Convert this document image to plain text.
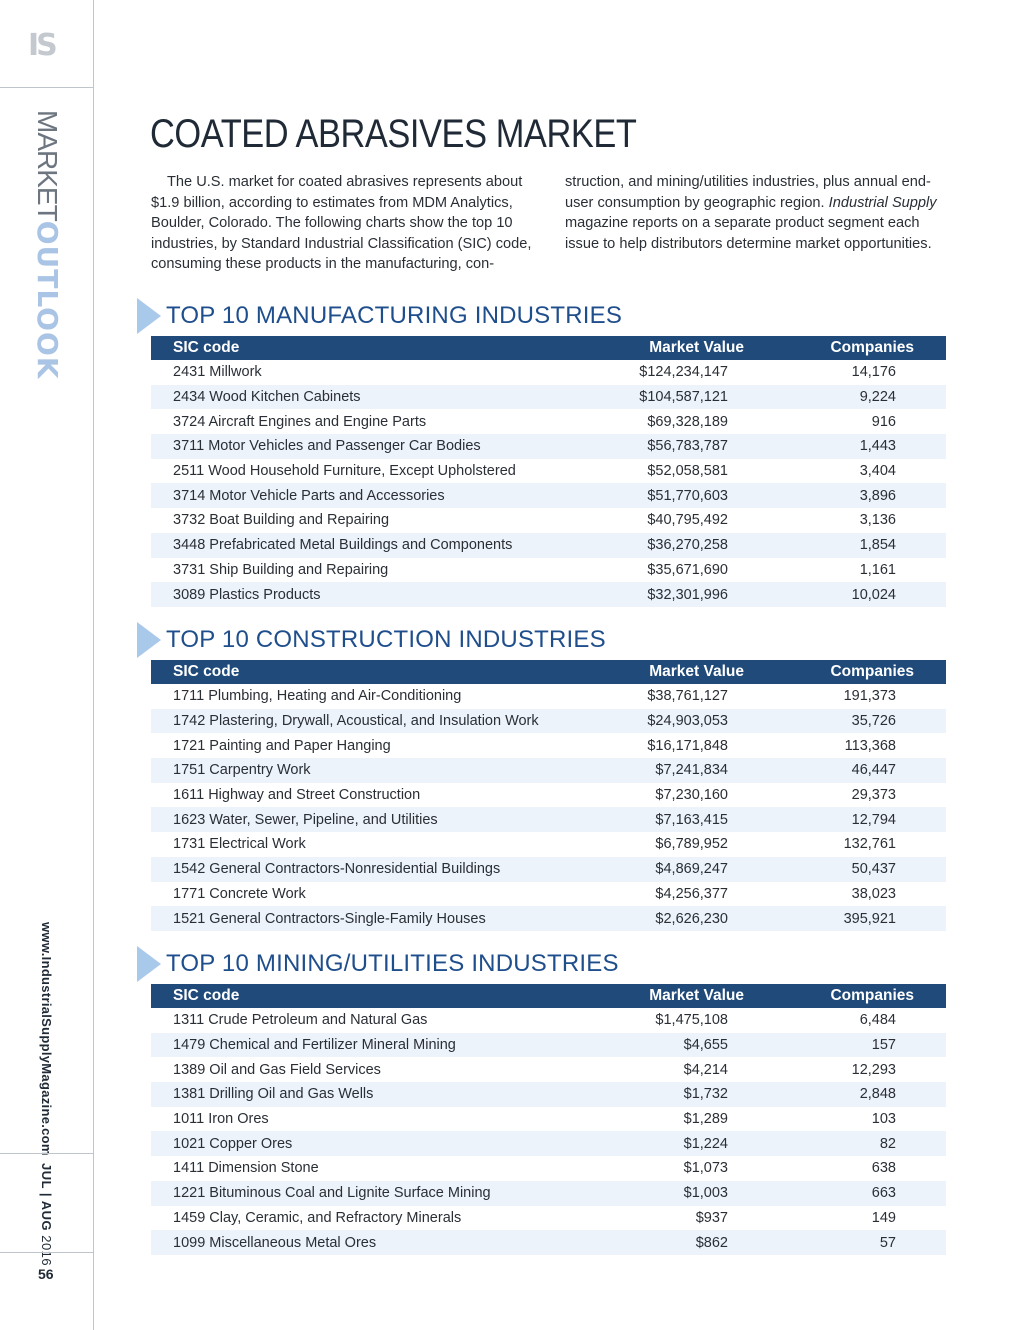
IS
MARKETOUTLOOK
www.IndustrialSupplyMagazine.com
JUL | AUG 2016
56
COATED ABRASIVES MARKET
The U.S. market for coated abrasives represents about $1.9 billion, according to estimates from MDM Analytics, Boulder, Colorado. The following charts show the top 10 industries, by Standard Industrial Classification (SIC) code, consuming these products in the manufacturing, con-
struction, and mining/utilities industries, plus annual end-user consumption by geographic region. Industrial Supply magazine reports on a separate product segment each issue to help distributors determine market opportunities.
TOP 10 MANUFACTURING INDUSTRIES
SIC code	Market Value	Companies
2431 Millwork	$124,234,147	14,176
2434 Wood Kitchen Cabinets	$104,587,121	9,224
3724 Aircraft Engines and Engine Parts	$69,328,189	916
3711 Motor Vehicles and Passenger Car Bodies	$56,783,787	1,443
2511 Wood Household Furniture, Except Upholstered	$52,058,581	3,404
3714 Motor Vehicle Parts and Accessories	$51,770,603	3,896
3732 Boat Building and Repairing	$40,795,492	3,136
3448 Prefabricated Metal Buildings and Components	$36,270,258	1,854
3731 Ship Building and Repairing	$35,671,690	1,161
3089 Plastics Products	$32,301,996	10,024
TOP 10 CONSTRUCTION INDUSTRIES
SIC code	Market Value	Companies
1711 Plumbing, Heating and Air-Conditioning	$38,761,127	191,373
1742 Plastering, Drywall, Acoustical, and Insulation Work	$24,903,053	35,726
1721 Painting and Paper Hanging	$16,171,848	113,368
1751 Carpentry Work	$7,241,834	46,447
1611 Highway and Street Construction	$7,230,160	29,373
1623 Water, Sewer, Pipeline, and Utilities	$7,163,415	12,794
1731 Electrical Work	$6,789,952	132,761
1542 General Contractors-Nonresidential Buildings	$4,869,247	50,437
1771 Concrete Work	$4,256,377	38,023
1521 General Contractors-Single-Family Houses	$2,626,230	395,921
TOP 10 MINING/UTILITIES INDUSTRIES
SIC code	Market Value	Companies
1311 Crude Petroleum and Natural Gas	$1,475,108	6,484
1479 Chemical and Fertilizer Mineral Mining	$4,655	157
1389 Oil and Gas Field Services	$4,214	12,293
1381 Drilling Oil and Gas Wells	$1,732	2,848
1011 Iron Ores	$1,289	103
1021 Copper Ores	$1,224	82
1411 Dimension Stone	$1,073	638
1221 Bituminous Coal and Lignite Surface Mining	$1,003	663
1459 Clay, Ceramic, and Refractory Minerals	$937	149
1099 Miscellaneous Metal Ores	$862	57
